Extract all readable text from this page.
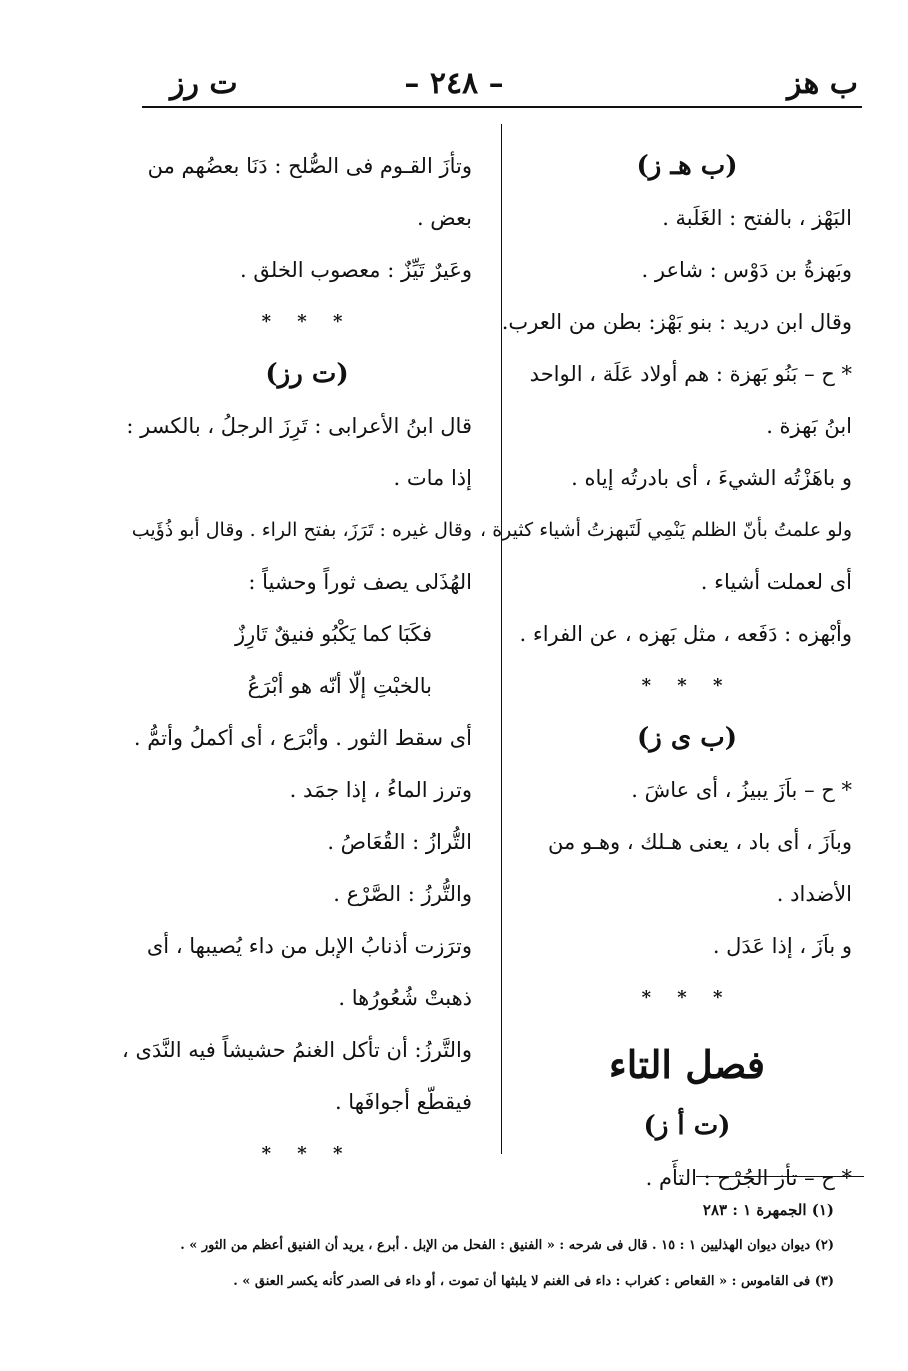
ب هز
– ٢٤٨ –
ت رز
(ب هـ ز)
البَهْز ، بالفتح : الغَلَبة .
وبَهزةُ بن دَوْس : شاعر .
وقال ابن دريد : بنو بَهْز: بطن من العرب.
* ح – بَنُو بَهزة : هم أولاد عَلَة ، الواحد
ابنُ بَهزة .
و باهَزْتُه الشيءَ ، أى بادرتُه إياه .
ولو علمتُ بأنّ الظلم يَنْمِي لَتَبهزتُ أشياء كثيرة ،
أى لعملت أشياء .
وأبْهزه : دَفَعه ، مثل بَهزه ، عن الفراء .
* * *
(ب ى ز)
* ح – باَزَ يبيزُ ، أى عاشَ .
وباَزَ ، أى باد ، يعنى هـلك ، وهـو من
الأضداد .
و باَزَ ، إذا عَدَل .
* * *
فصل التاء
(ت أ ز)
* ح – تأز الجُرْح : التأَم .
وتأزَ القـوم فى الصُّلح : دَنَا بعضُهم من
بعض .
وعَيرٌ تَيِّزٌ : معصوب الخلق .
* * *
(ت رز)
قال ابنُ الأعرابى : تَرِزَ الرجلُ ، بالكسر :
إذا مات .
وقال غيره : تَرَزَ، بفتح الراء . وقال أبو ذُؤَيب
الهُذَلى يصف ثوراً وحشياً :
فكَبَا كما يَكْبُو فنيقٌ تَارِزٌ
بالخبْتِ إلّا أنّه هو أبْرَعُ
أى سقط الثور . وأبْرَع ، أى أكملُ وأتمُّ .
وترز الماءُ ، إذا جمَد .
التُّرازُ : القُعَاصُ .
والتُّرزُ : الصَّرْع .
وترَزت أذنابُ الإبل من داء يُصيبها ، أى
ذهبتْ شُعُورُها .
والتَّرزُ: أن تأكل الغنمُ حشيشاً فيه النَّدَى ،
فيقطّع أجوافَها .
* * *
(١) الجمهرة ١ : ٢٨٣
(٢) ديوان ديوان الهذليين ١ : ١٥ . قال فى شرحه : « الفنيق : الفحل من الإبل . أبرع ، يريد أن الفنيق أعظم من الثور » .
(٣) فى القاموس : « القعاص : كغراب : داء فى الغنم لا يلبثها أن تموت ، أو داء فى الصدر كأنه يكسر العنق » .
